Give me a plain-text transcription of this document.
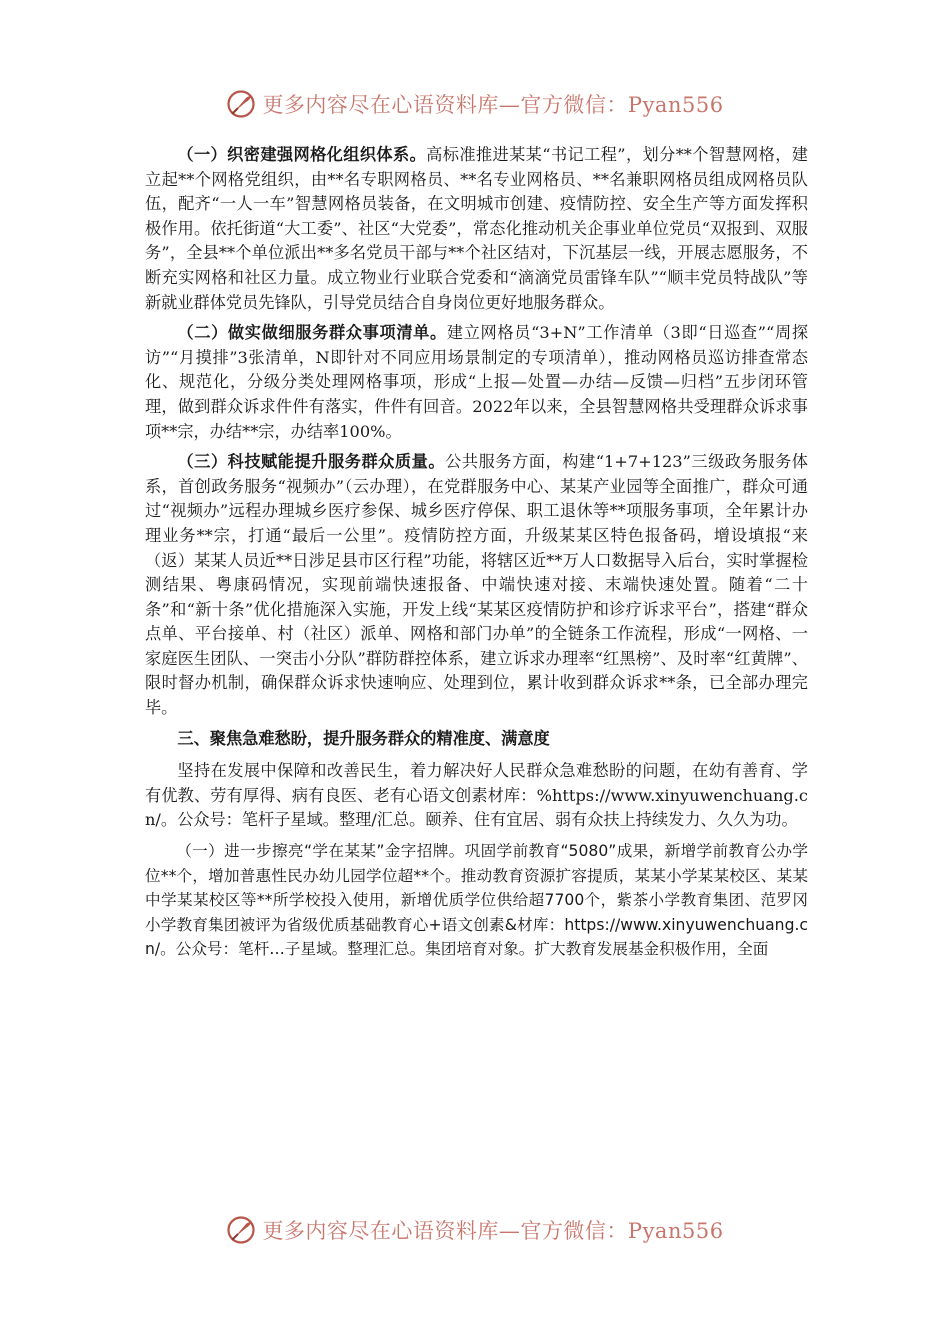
更多内容尽在心语资料库—官方微信：Pyan556

（一）织密建强网格化组织体系。高标准推进某某“书记工程”，划分**个智慧网格，建立起**个网格党组织，由**名专职网格员、**名专业网格员、**名兼职网格员组成网格员队伍，配齐“一人一车”智慧网格员装备，在文明城市创建、疫情防控、安全生产等方面发挥积极作用。依托街道“大工委”、社区“大党委”，常态化推动机关企事业单位党员“双报到、双服务”，全县**个单位派出**多名党员干部与**个社区结对，下沉基层一线，开展志愿服务，不断充实网格和社区力量。成立物业行业联合党委和“滴滴党员雷锋车队”“顺丰党员特战队”等新就业群体党员先锋队，引导党员结合自身岗位更好地服务群众。

（二）做实做细服务群众事项清单。建立网格员“3+N”工作清单（3即“日巡查”“周探访”“月摸排”3张清单，N即针对不同应用场景制定的专项清单），推动网格员巡访排查常态化、规范化，分级分类处理网格事项，形成“上报—处置—办结—反馈—归档”五步闭环管理，做到群众诉求件件有落实，件件有回音。2022年以来，全县智慧网格共受理群众诉求事项**宗，办结**宗，办结率100%。

（三）科技赋能提升服务群众质量。公共服务方面，构建“1+7+123”三级政务服务体系，首创政务服务“视频办”（云办理），在党群服务中心、某某产业园等全面推广，群众可通过“视频办”远程办理城乡医疗参保、城乡医疗停保、职工退休等**项服务事项，全年累计办理业务**宗，打通“最后一公里”。疫情防控方面，升级某某区特色报备码，增设填报“来（返）某某人员近**日涉足县市区行程”功能，将辖区近**万人口数据导入后台，实时掌握检测结果、粤康码情况，实现前端快速报备、中端快速对接、末端快速处置。随着“二十条”和“新十条”优化措施深入实施，开发上线“某某区疫情防护和诊疗诉求平台”，搭建“群众点单、平台接单、村（社区）派单、网格和部门办单”的全链条工作流程，形成“一网格、一家庭医生团队、一突击小分队”群防群控体系，建立诉求办理率“红黑榜”、及时率“红黄牌”、限时督办机制，确保群众诉求快速响应、处理到位，累计收到群众诉求**条，已全部办理完毕。

三、聚焦急难愁盼，提升服务群众的精准度、满意度

坚持在发展中保障和改善民生，着力解决好人民群众急难愁盼的问题，在幼有善育、学有优教、劳有厚得、病有良医、老有心语文创素材库：%https://www.xinyuwenchuang.cn/。公众号：笔杆子星域。整理/汇总。颐养、住有宜居、弱有众扶上持续发力、久久为功。

（一）进一步擦亮“学在某某”金字招牌。巩固学前教育“5080”成果，新增学前教育公办学位**个，增加普惠性民办幼儿园学位超**个。推动教育资源扩容提质，某某小学某某校区、某某中学某某校区等**所学校投入使用，新增优质学位供给超7700个，紫茶小学教育集团、范罗冈小学教育集团被评为省级优质基础教育心+语文创素&材库：https://www.xinyuwenchuang.cn/。公众号：笔杆…子星域。整理汇总。集团培育对象。扩大教育发展基金积极作用，全面

更多内容尽在心语资料库—官方微信：Pyan556
